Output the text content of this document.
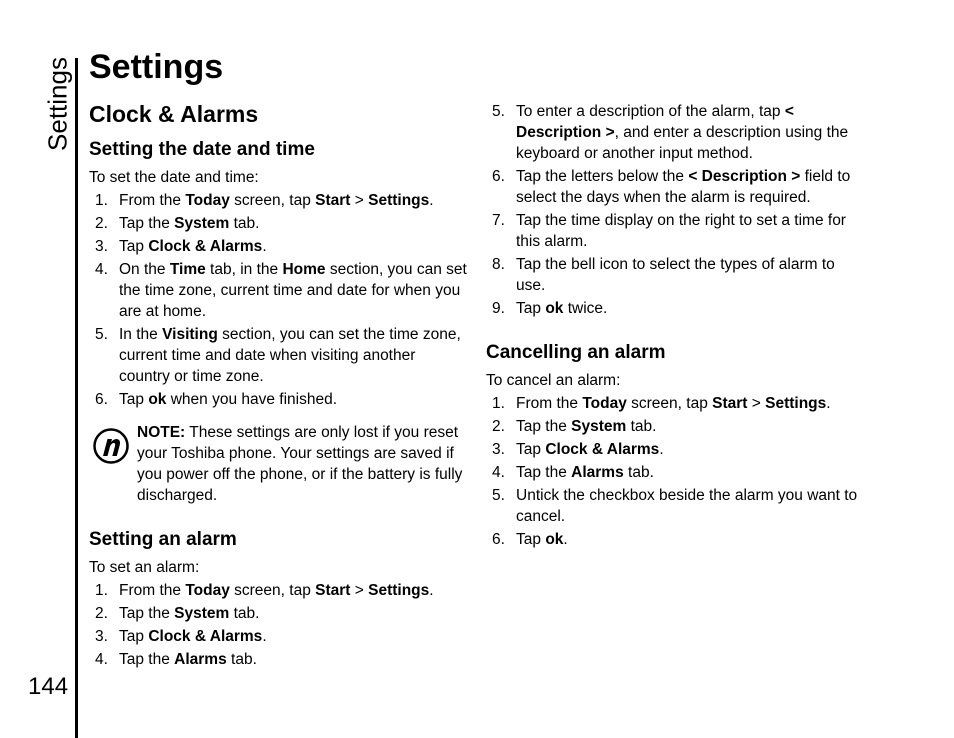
Settings
144
Settings
Clock & Alarms
Setting the date and time

To set the date and time:

1. From the Today screen, tap Start > Settings.
2. Tap the System tab.
3. Tap Clock & Alarms.
4. On the Time tab, in the Home section, you can set the time zone, current time and date for when you are at home.
5. In the Visiting section, you can set the time zone, current time and date when visiting another country or time zone.
6. Tap ok when you have finished.
NOTE: These settings are only lost if you reset your Toshiba phone. Your settings are saved if you power off the phone, or if the battery is fully discharged.
Setting an alarm

To set an alarm:

1. From the Today screen, tap Start > Settings.
2. Tap the System tab.
3. Tap Clock & Alarms.
4. Tap the Alarms tab.
5. To enter a description of the alarm, tap < Description >, and enter a description using the keyboard or another input method.
6. Tap the letters below the < Description > field to select the days when the alarm is required.
7. Tap the time display on the right to set a time for this alarm.
8. Tap the bell icon to select the types of alarm to use.
9. Tap ok twice.
Cancelling an alarm

To cancel an alarm:

1. From the Today screen, tap Start > Settings.
2. Tap the System tab.
3. Tap Clock & Alarms.
4. Tap the Alarms tab.
5. Untick the checkbox beside the alarm you want to cancel.
6. Tap ok.
